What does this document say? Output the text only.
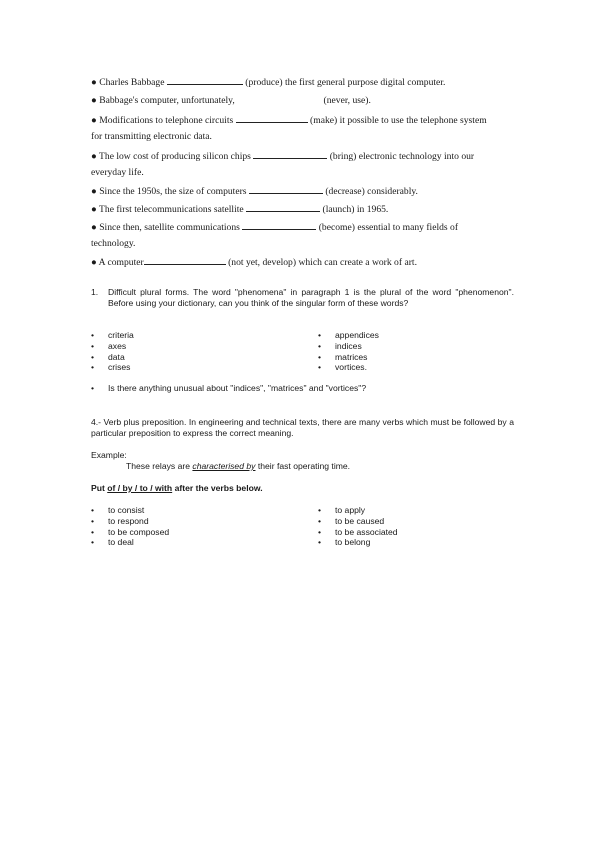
● Charles Babbage	(produce) the first general purpose digital computer.
● Babbage's computer, unfortunately,	(never, use).
● Modifications to telephone circuits	(make) it possible to use the telephone system
for transmitting electronic data.
● The low cost of producing silicon chips	(bring) electronic technology into our
everyday life.
● Since the 1950s, the size of computers	(decrease) considerably.
● The first telecommunications satellite	(launch) in 1965.
● Since then, satellite communications	(become) essential to many fields of
technology.
● A computer	(not yet, develop) which can create a work of art.
1. Difficult plural forms. The word "phenomena" in paragraph 1 is the plural of the word "phenomenon". Before using your dictionary, can you think of the singular form of these words?
• criteria
• axes
• data
• crises
• appendices
• indices
• matrices
• vortices.
• Is there anything unusual about "indices", "matrices" and "vortices"?
4.- Verb plus preposition. In engineering and technical texts, there are many verbs which must be followed by a particular preposition to express the correct meaning.
Example:
These relays are characterised by their fast operating time.
Put of / by / to / with after the verbs below.
• to consist
• to respond
• to be composed
• to deal
• to apply
• to be caused
• to be associated
• to belong
